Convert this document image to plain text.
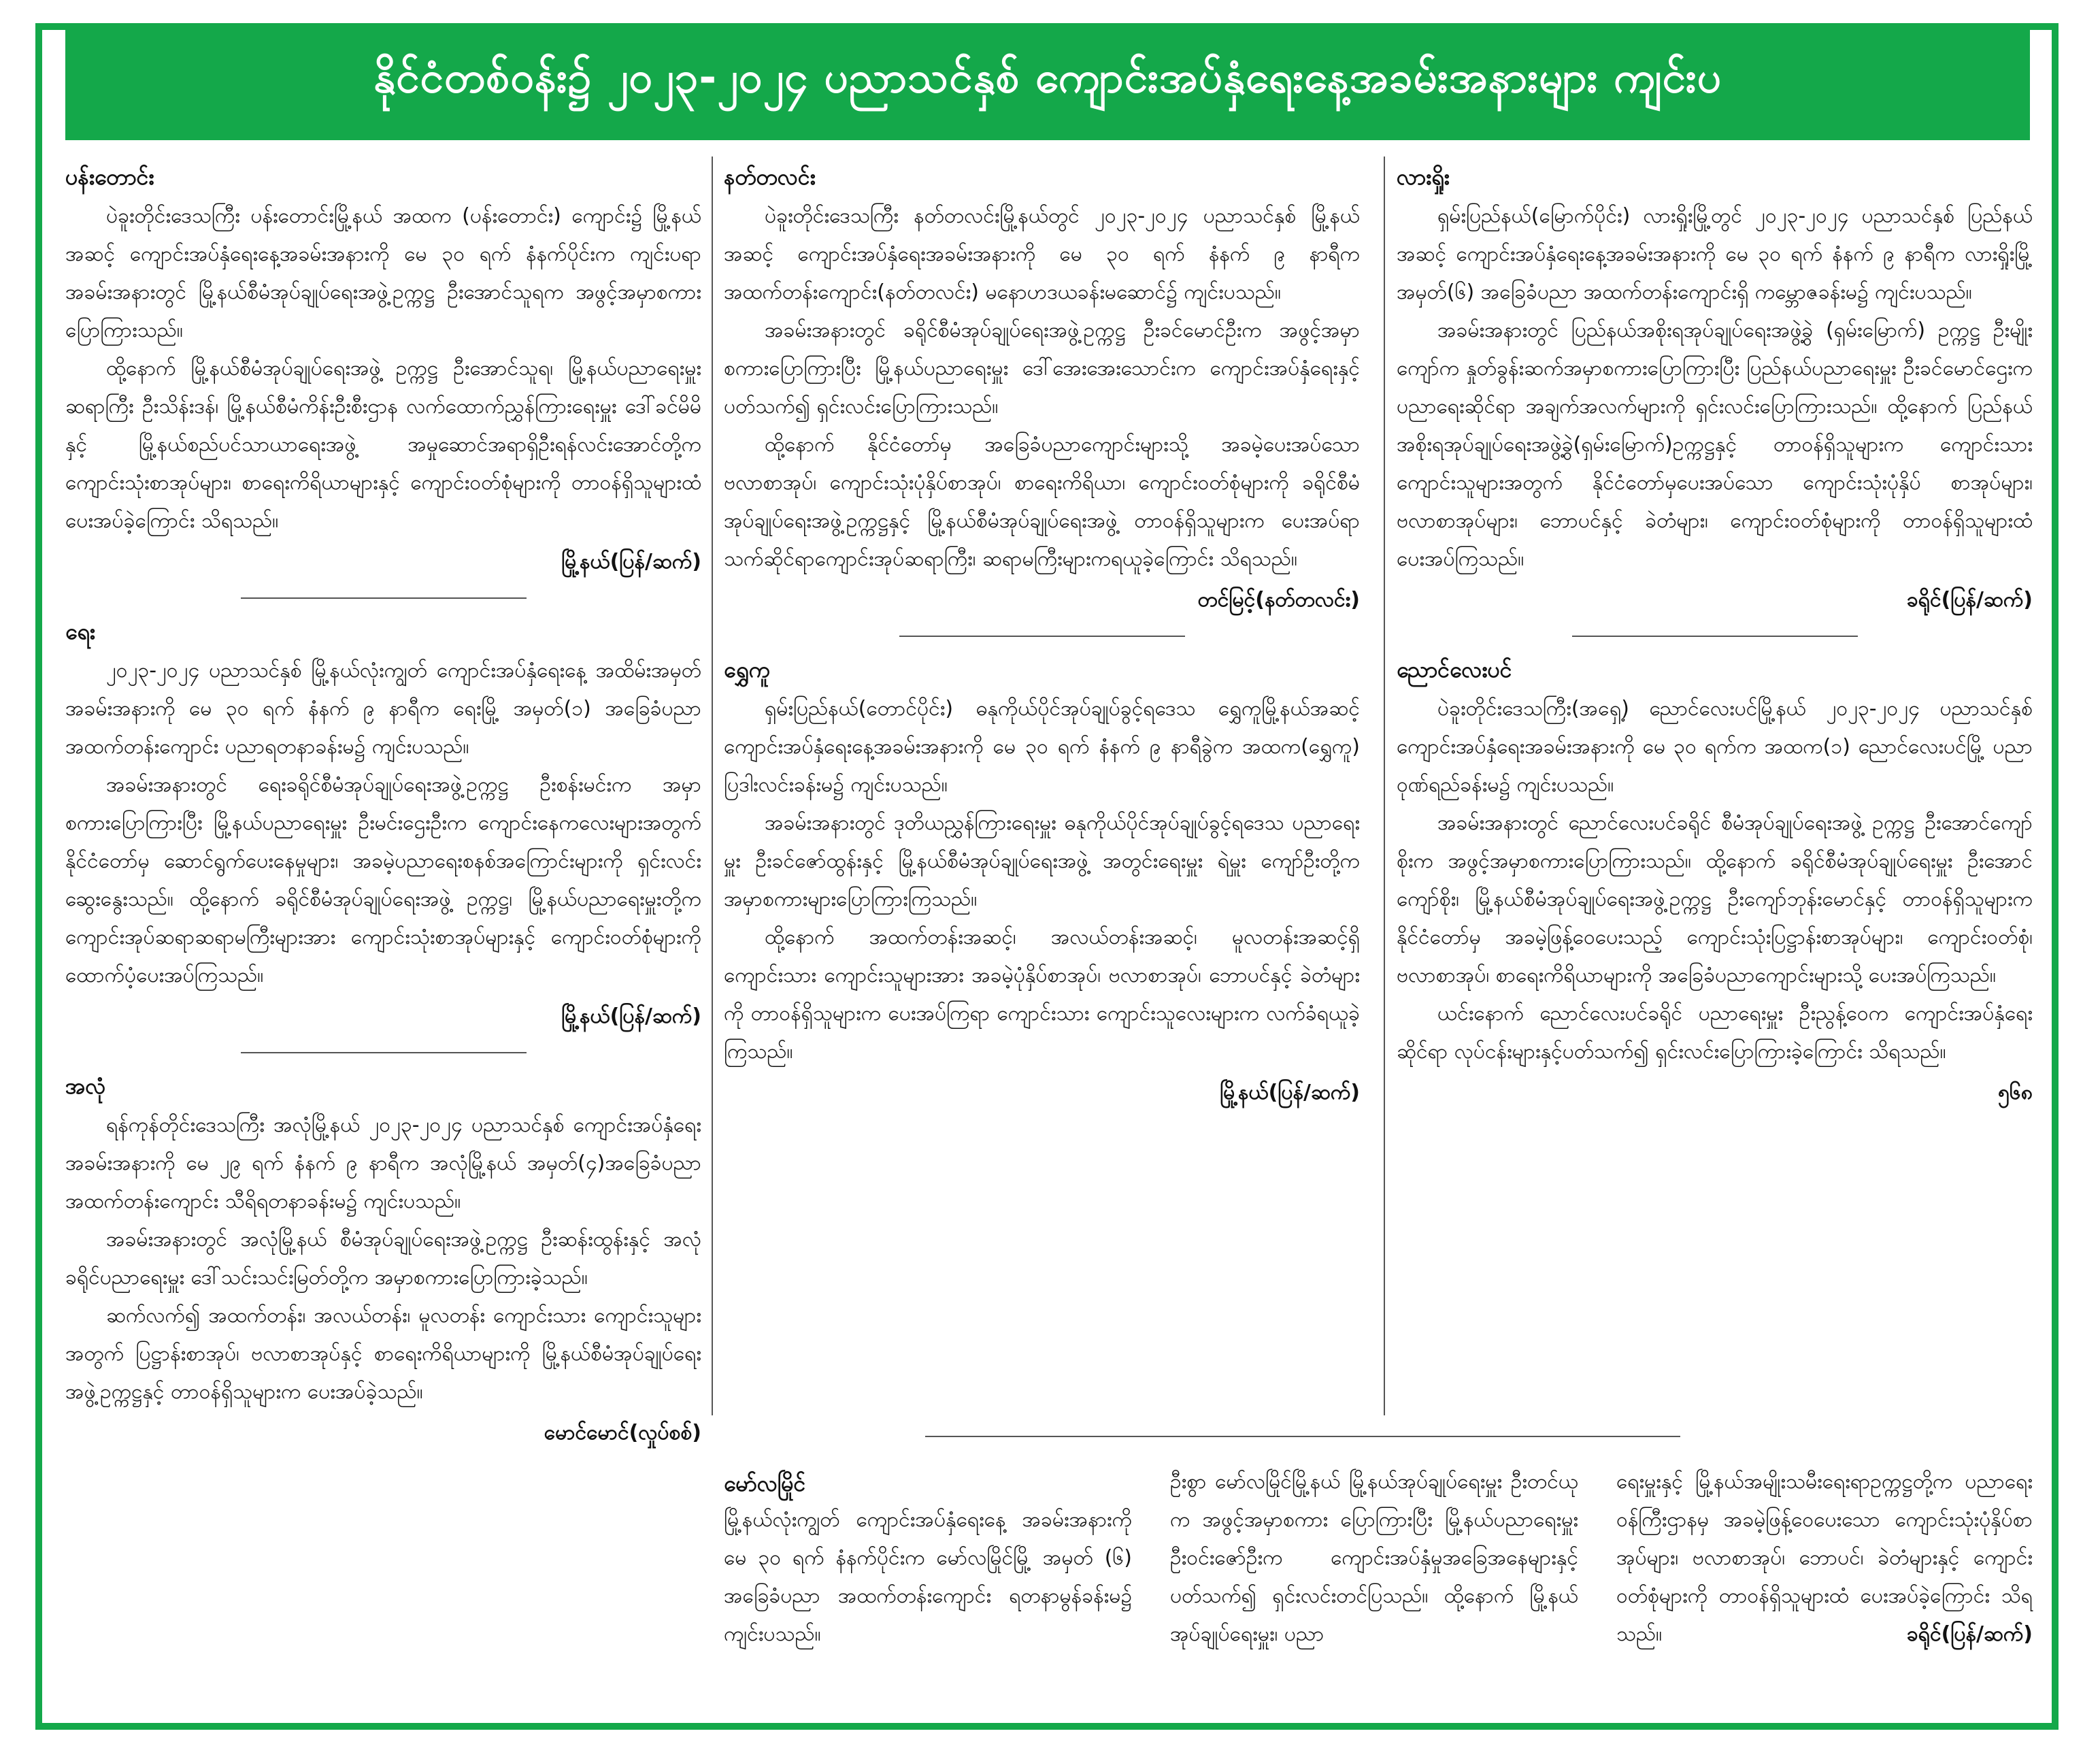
နိုင်ငံတစ်ဝန်း၌ ၂၀၂၃-၂၀၂၄ ပညာသင်နှစ် ကျောင်းအပ်နှံရေးနေ့အခမ်းအနားများ ကျင်းပ
ပန်းတောင်း

ပဲခူးတိုင်းဒေသကြီး ပန်းတောင်းမြို့နယ် အထက (ပန်းတောင်း) ကျောင်း၌ မြို့နယ်အဆင့် ကျောင်းအပ်နှံရေးနေ့အခမ်းအနားကို မေ ၃၀ ရက် နံနက်ပိုင်းက ကျင်းပရာ အခမ်းအနားတွင် မြို့နယ်စီမံအုပ်ချုပ်ရေးအဖွဲ့ဥက္ကဋ္ဌ ဦးအောင်သူရက အဖွင့်အမှာစကား ပြောကြားသည်။

ထို့နောက် မြို့နယ်စီမံအုပ်ချုပ်ရေးအဖွဲ့ ဥက္ကဋ္ဌ ဦးအောင်သူရ၊ မြို့နယ်ပညာရေးမှူး ဆရာကြီး ဦးသိန်းဒန်၊ မြို့နယ်စီမံကိန်းဦးစီးဌာန လက်ထောက်ညွှန်ကြားရေးမှူး ဒေါ်ခင်မိမိနှင့် မြို့နယ်စည်ပင်သာယာရေးအဖွဲ့ အမှုဆောင်အရာရှိဦးရန်လင်းအောင်တို့က ကျောင်းသုံးစာအုပ်များ၊ စာရေးကိရိယာများနှင့် ကျောင်းဝတ်စုံများကို တာဝန်ရှိသူများထံ ပေးအပ်ခဲ့ကြောင်း သိရသည်။

မြို့နယ်(ပြန်/ဆက်)
ရေး

၂၀၂၃-၂၀၂၄ ပညာသင်နှစ် မြို့နယ်လုံးကျွတ် ကျောင်းအပ်နှံရေးနေ့ အထိမ်းအမှတ်အခမ်းအနားကို မေ ၃၀ ရက် နံနက် ၉ နာရီက ရေးမြို့ အမှတ်(၁) အခြေခံပညာအထက်တန်းကျောင်း ပညာရတနာခန်းမ၌ ကျင်းပသည်။

အခမ်းအနားတွင် ရေးခရိုင်စီမံအုပ်ချုပ်ရေးအဖွဲ့ဥက္ကဋ္ဌ ဦးစန်းမင်းက အမှာစကားပြောကြားပြီး မြို့နယ်ပညာရေးမှူး ဦးမင်းဌေးဦးက ကျောင်းနေကလေးများအတွက် နိုင်ငံတော်မှ ဆောင်ရွက်ပေးနေမှုများ၊ အခမဲ့ပညာရေးစနစ်အကြောင်းများကို ရှင်းလင်းဆွေးနွေးသည်။ ထို့နောက် ခရိုင်စီမံအုပ်ချုပ်ရေးအဖွဲ့ ဥက္ကဋ္ဌ၊ မြို့နယ်ပညာရေးမှူးတို့က ကျောင်းအုပ်ဆရာဆရာမကြီးများအား ကျောင်းသုံးစာအုပ်များနှင့် ကျောင်းဝတ်စုံများကို ထောက်ပံ့ပေးအပ်ကြသည်။

မြို့နယ်(ပြန်/ဆက်)
အလုံ

ရန်ကုန်တိုင်းဒေသကြီး အလုံမြို့နယ် ၂၀၂၃-၂၀၂၄ ပညာသင်နှစ် ကျောင်းအပ်နှံရေးအခမ်းအနားကို မေ ၂၉ ရက် နံနက် ၉ နာရီက အလုံမြို့နယ် အမှတ်(၄)အခြေခံပညာအထက်တန်းကျောင်း သီရိရတနာခန်းမ၌ ကျင်းပသည်။

အခမ်းအနားတွင် အလုံမြို့နယ် စီမံအုပ်ချုပ်ရေးအဖွဲ့ဥက္ကဋ္ဌ ဦးဆန်းထွန်းနှင့် အလုံခရိုင်ပညာရေးမှူး ဒေါ်သင်းသင်းမြတ်တို့က အမှာစကားပြောကြားခဲ့သည်။

ဆက်လက်၍ အထက်တန်း၊ အလယ်တန်း၊ မူလတန်း ကျောင်းသား ကျောင်းသူများအတွက် ပြဋ္ဌာန်းစာအုပ်၊ ဗလာစာအုပ်နှင့် စာရေးကိရိယာများကို မြို့နယ်စီမံအုပ်ချုပ်ရေးအဖွဲ့ဥက္ကဋ္ဌနှင့် တာဝန်ရှိသူများက ပေးအပ်ခဲ့သည်။

မောင်မောင်(လှုပ်စစ်)
နတ်တလင်း

ပဲခူးတိုင်းဒေသကြီး နတ်တလင်းမြို့နယ်တွင် ၂၀၂၃-၂၀၂၄ ပညာသင်နှစ် မြို့နယ်အဆင့် ကျောင်းအပ်နှံရေးအခမ်းအနားကို မေ ၃၀ ရက် နံနက် ၉ နာရီက အထက်တန်းကျောင်း(နတ်တလင်း) မနောဟဒယခန်းမဆောင်၌ ကျင်းပသည်။

အခမ်းအနားတွင် ခရိုင်စီမံအုပ်ချုပ်ရေးအဖွဲ့ဥက္ကဋ္ဌ ဦးခင်မောင်ဦးက အဖွင့်အမှာစကားပြောကြားပြီး မြို့နယ်ပညာရေးမှူး ဒေါ်အေးအေးသောင်းက ကျောင်းအပ်နှံရေးနှင့်ပတ်သက်၍ ရှင်းလင်းပြောကြားသည်။

ထို့နောက် နိုင်ငံတော်မှ အခြေခံပညာကျောင်းများသို့ အခမဲ့ပေးအပ်သော ဗလာစာအုပ်၊ ကျောင်းသုံးပုံနှိပ်စာအုပ်၊ စာရေးကိရိယာ၊ ကျောင်းဝတ်စုံများကို ခရိုင်စီမံအုပ်ချုပ်ရေးအဖွဲ့ဥက္ကဋ္ဌနှင့် မြို့နယ်စီမံအုပ်ချုပ်ရေးအဖွဲ့ တာဝန်ရှိသူများက ပေးအပ်ရာ သက်ဆိုင်ရာကျောင်းအုပ်ဆရာကြီး၊ ဆရာမကြီးများကရယူခဲ့ကြောင်း သိရသည်။

တင်မြင့်(နတ်တလင်း)
ရွှေကူ

ရှမ်းပြည်နယ်(တောင်ပိုင်း) ဓနုကိုယ်ပိုင်အုပ်ချုပ်ခွင့်ရဒေသ ရွှေကူမြို့နယ်အဆင့် ကျောင်းအပ်နှံရေးနေ့အခမ်းအနားကို မေ ၃၀ ရက် နံနက် ၉ နာရီခွဲက အထက(ရွှေကူ) ပြဒါးလင်းခန်းမ၌ ကျင်းပသည်။

အခမ်းအနားတွင် ဒုတိယညွှန်ကြားရေးမှူး ဓနုကိုယ်ပိုင်အုပ်ချုပ်ခွင့်ရဒေသ ပညာရေးမှူး ဦးခင်ဇော်ထွန်းနှင့် မြို့နယ်စီမံအုပ်ချုပ်ရေးအဖွဲ့ အတွင်းရေးမှူး ရဲမှူး ကျော်ဦးတို့က အမှာစကားများပြောကြားကြသည်။

ထို့နောက် အထက်တန်းအဆင့်၊ အလယ်တန်းအဆင့်၊ မူလတန်းအဆင့်ရှိကျောင်းသား ကျောင်းသူများအား အခမဲ့ပုံနှိပ်စာအုပ်၊ ဗလာစာအုပ်၊ ဘောပင်နှင့် ခဲတံများကို တာဝန်ရှိသူများက ပေးအပ်ကြရာ ကျောင်းသား ကျောင်းသူလေးများက လက်ခံရယူခဲ့ကြသည်။

မြို့နယ်(ပြန်/ဆက်)
လားရှိုး

ရှမ်းပြည်နယ်(မြောက်ပိုင်း) လားရှိုးမြို့တွင် ၂၀၂၃-၂၀၂၄ ပညာသင်နှစ် ပြည်နယ်အဆင့် ကျောင်းအပ်နှံရေးနေ့အခမ်းအနားကို မေ ၃၀ ရက် နံနက် ၉ နာရီက လားရှိုးမြို့ အမှတ်(၆) အခြေခံပညာ အထက်တန်းကျောင်းရှိ ကမ္ဘောဇခန်းမ၌ ကျင်းပသည်။

အခမ်းအနားတွင် ပြည်နယ်အစိုးရအုပ်ချုပ်ရေးအဖွဲ့ခွဲ (ရှမ်းမြောက်) ဥက္ကဋ္ဌ ဦးမျိုးကျော်က နှုတ်ခွန်းဆက်အမှာစကားပြောကြားပြီး ပြည်နယ်ပညာရေးမှူး ဦးခင်မောင်ဌေးက ပညာရေးဆိုင်ရာ အချက်အလက်များကို ရှင်းလင်းပြောကြားသည်။ ထို့နောက် ပြည်နယ်အစိုးရအုပ်ချုပ်ရေးအဖွဲ့ခွဲ(ရှမ်းမြောက်)ဥက္ကဋ္ဌနှင့် တာဝန်ရှိသူများက ကျောင်းသား ကျောင်းသူများအတွက် နိုင်ငံတော်မှပေးအပ်သော ကျောင်းသုံးပုံနှိပ် စာအုပ်များ၊ ဗလာစာအုပ်များ၊ ဘောပင်နှင့် ခဲတံများ၊ ကျောင်းဝတ်စုံများကို တာဝန်ရှိသူများထံ ပေးအပ်ကြသည်။

ခရိုင်(ပြန်/ဆက်)
ညောင်လေးပင်

ပဲခူးတိုင်းဒေသကြီး(အရှေ့) ညောင်လေးပင်မြို့နယ် ၂၀၂၃-၂၀၂၄ ပညာသင်နှစ် ကျောင်းအပ်နှံရေးအခမ်းအနားကို မေ ၃၀ ရက်က အထက(၁) ညောင်လေးပင်မြို့ ပညာဝုဏ်ရည်ခန်းမ၌ ကျင်းပသည်။

အခမ်းအနားတွင် ညောင်လေးပင်ခရိုင် စီမံအုပ်ချုပ်ရေးအဖွဲ့ ဥက္ကဋ္ဌ ဦးအောင်ကျော်စိုးက အဖွင့်အမှာစကားပြောကြားသည်။ ထို့နောက် ခရိုင်စီမံအုပ်ချုပ်ရေးမှူး ဦးအောင်ကျော်စိုး၊ မြို့နယ်စီမံအုပ်ချုပ်ရေးအဖွဲ့ဥက္ကဋ္ဌ ဦးကျော်ဘုန်းမောင်နှင့် တာဝန်ရှိသူများက နိုင်ငံတော်မှ အခမဲ့ဖြန့်ဝေပေးသည့် ကျောင်းသုံးပြဋ္ဌာန်းစာအုပ်များ၊ ကျောင်းဝတ်စုံ၊ ဗလာစာအုပ်၊ စာရေးကိရိယာများကို အခြေခံပညာကျောင်းများသို့ ပေးအပ်ကြသည်။

ယင်းနောက် ညောင်လေးပင်ခရိုင် ပညာရေးမှူး ဦးညွန့်ဝေက ကျောင်းအပ်နှံရေးဆိုင်ရာ လုပ်ငန်းများနှင့်ပတ်သက်၍ ရှင်းလင်းပြောကြားခဲ့ကြောင်း သိရသည်။

၅၆၈
မော်လမြိုင်
မြို့နယ်လုံးကျွတ် ကျောင်းအပ်နှံရေးနေ့ အခမ်းအနားကို မေ ၃၀ ရက် နံနက်ပိုင်းက မော်လမြိုင်မြို့ အမှတ် (၆) အခြေခံပညာ အထက်တန်းကျောင်း ရတနာမွန်ခန်းမ၌ ကျင်းပသည်။
ဦးစွာ မော်လမြိုင်မြို့နယ် မြို့နယ်အုပ်ချုပ်ရေးမှူး ဦးတင်ယုက အဖွင့်အမှာစကား ပြောကြားပြီး မြို့နယ်ပညာရေးမှူး ဦးဝင်းဇော်ဦးက ကျောင်းအပ်နှံမှုအခြေအနေများနှင့် ပတ်သက်၍ ရှင်းလင်းတင်ပြသည်။ ထို့နောက် မြို့နယ်အုပ်ချုပ်ရေးမှူး၊ ပညာ
ရေးမှူးနှင့် မြို့နယ်အမျိုးသမီးရေးရာဥက္ကဋ္ဌတို့က ပညာရေးဝန်ကြီးဌာနမှ အခမဲ့ဖြန့်ဝေပေးသော ကျောင်းသုံးပုံနှိပ်စာအုပ်များ၊ ဗလာစာအုပ်၊ ဘောပင်၊ ခဲတံများနှင့် ကျောင်းဝတ်စုံများကို တာဝန်ရှိသူများထံ ပေးအပ်ခဲ့ကြောင်း သိရသည်။	ခရိုင်(ပြန်/ဆက်)
